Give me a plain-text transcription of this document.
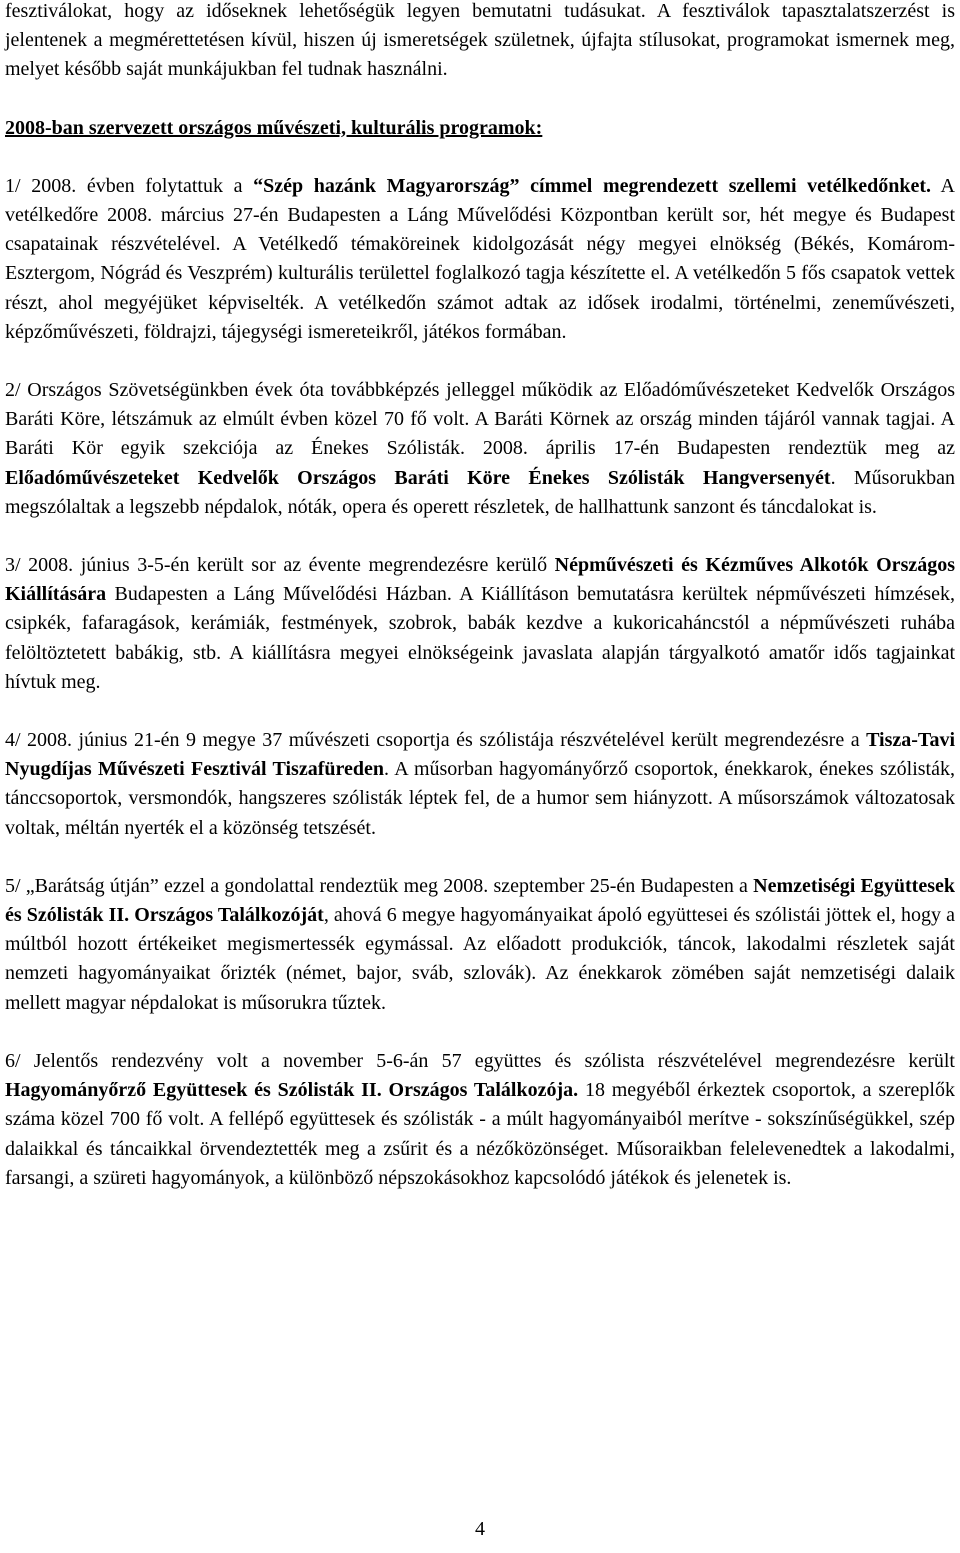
fesztiválokat, hogy az időseknek lehetőségük legyen bemutatni tudásukat. A fesztiválok tapasztalatszerzést is jelentenek a megmérettetésen kívül, hiszen új ismeretségek születnek, újfajta stílusokat, programokat ismernek meg, melyet később saját munkájukban fel tudnak használni.

2008-ban szervezett országos művészeti, kulturális programok:

1/ 2008. évben folytattuk a “Szép hazánk Magyarország” címmel megrendezett szellemi vetélkedőnket. A vetélkedőre 2008. március 27-én Budapesten a Láng Művelődési Központban került sor, hét megye és Budapest csapatainak részvételével. A Vetélkedő témaköreinek kidolgozását négy megyei elnökség (Békés, Komárom-Esztergom, Nógrád és Veszprém) kulturális területtel foglalkozó tagja készítette el. A vetélkedőn 5 fős csapatok vettek részt, ahol megyéjüket képviselték. A vetélkedőn számot adtak az idősek irodalmi, történelmi, zeneművészeti, képzőművészeti, földrajzi, tájegységi ismereteikről, játékos formában.

2/ Országos Szövetségünkben évek óta továbbképzés jelleggel működik az Előadóművészeteket Kedvelők Országos Baráti Köre, létszámuk az elmúlt évben közel 70 fő volt. A Baráti Körnek az ország minden tájáról vannak tagjai. A Baráti Kör egyik szekciója az Énekes Szólisták. 2008. április 17-én Budapesten rendeztük meg az Előadóművészeteket Kedvelők Országos Baráti Köre Énekes Szólisták Hangversenyét. Műsorukban megszólaltak a legszebb népdalok, nóták, opera és operett részletek, de hallhattunk sanzont és táncdalokat is.

3/ 2008. június 3-5-én került sor az évente megrendezésre kerülő Népművészeti és Kézműves Alkotók Országos Kiállítására Budapesten a Láng Művelődési Házban. A Kiállításon bemutatásra kerültek népművészeti hímzések, csipkék, fafaragások, kerámiák, festmények, szobrok, babák kezdve a kukoricaháncstól a népművészeti ruhába felöltöztetett babákig, stb. A kiállításra megyei elnökségeink javaslata alapján tárgyalkotó amatőr idős tagjainkat hívtuk meg.

4/ 2008. június 21-én 9 megye 37 művészeti csoportja és szólistája részvételével került megrendezésre a Tisza-Tavi Nyugdíjas Művészeti Fesztivál Tiszafüreden. A műsorban hagyományőrző csoportok, énekkarok, énekes szólisták, tánccsoportok, versmondók, hangszeres szólisták léptek fel, de a humor sem hiányzott. A műsorszámok változatosak voltak, méltán nyerték el a közönség tetszését.

5/ „Barátság útján” ezzel a gondolattal rendeztük meg 2008. szeptember 25-én Budapesten a Nemzetiségi Együttesek és Szólisták II. Országos Találkozóját, ahová 6 megye hagyományaikat ápoló együttesei és szólistái jöttek el, hogy a múltból hozott értékeiket megismertessék egymással. Az előadott produkciók, táncok, lakodalmi részletek saját nemzeti hagyományaikat őrizték (német, bajor, sváb, szlovák). Az énekkarok zömében saját nemzetiségi dalaik mellett magyar népdalokat is műsorukra tűztek.

6/ Jelentős rendezvény volt a november 5-6-án 57 együttes és szólista részvételével megrendezésre került Hagyományőrző Együttesek és Szólisták II. Országos Találkozója. 18 megyéből érkeztek csoportok, a szereplők száma közel 700 fő volt. A fellépő együttesek és szólisták - a múlt hagyományaiból merítve - sokszínűségükkel, szép dalaikkal és táncaikkal örvendeztették meg a zsűrit és a nézőközönséget. Műsoraikban felelevenedtek a lakodalmi, farsangi, a szüreti hagyományok, a különböző népszokásokhoz kapcsolódó játékok és jelenetek is.

4
